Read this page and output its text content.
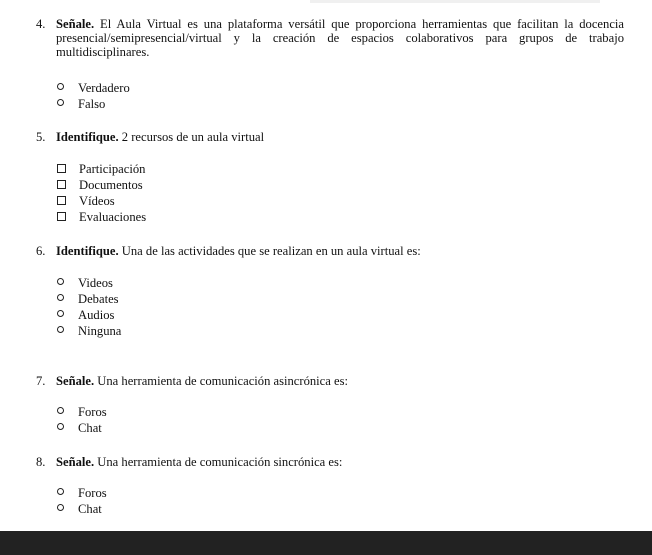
4. Señale. El Aula Virtual es una plataforma versátil que proporciona herramientas que facilitan la docencia presencial/semipresencial/virtual y la creación de espacios colaborativos para grupos de trabajo multidisciplinares.
Verdadero
Falso
5. Identifique. 2 recursos de un aula virtual
Participación
Documentos
Vídeos
Evaluaciones
6. Identifique. Una de las actividades que se realizan en un aula virtual es:
Videos
Debates
Audios
Ninguna
7. Señale. Una herramienta de comunicación asincrónica es:
Foros
Chat
8. Señale. Una herramienta de comunicación sincrónica es:
Foros
Chat
